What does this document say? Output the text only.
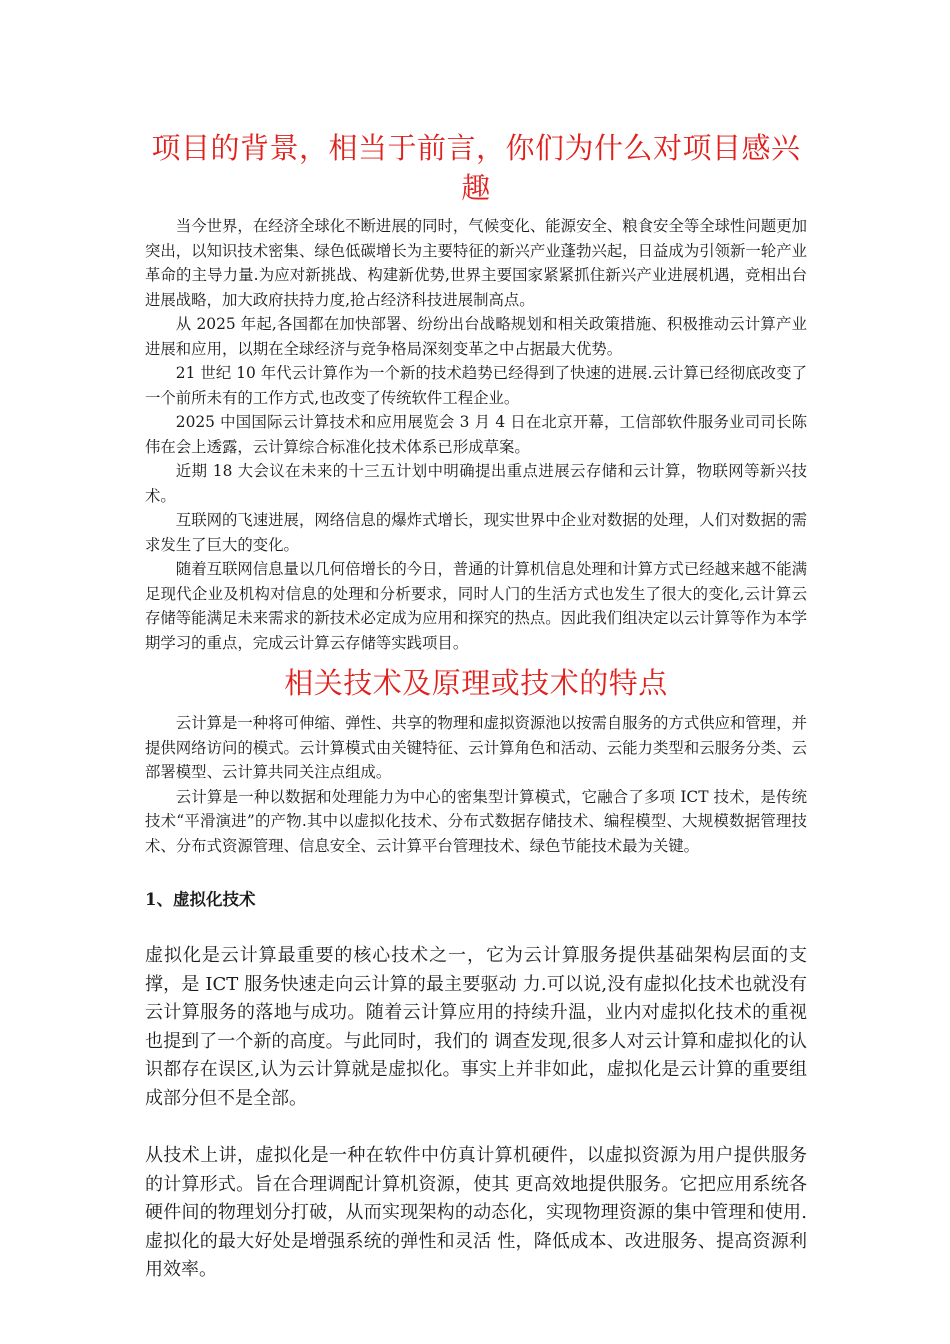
项目的背景，相当于前言，你们为什么对项目感兴趣

当今世界，在经济全球化不断进展的同时，气候变化、能源安全、粮食安全等全球性问题更加突出，以知识技术密集、绿色低碳增长为主要特征的新兴产业蓬勃兴起，日益成为引领新一轮产业革命的主导力量.为应对新挑战、构建新优势,世界主要国家紧紧抓住新兴产业进展机遇，竞相出台进展战略，加大政府扶持力度,抢占经济科技进展制高点。

从 2025 年起,各国都在加快部署、纷纷出台战略规划和相关政策措施、积极推动云计算产业进展和应用，以期在全球经济与竞争格局深刻变革之中占据最大优势。

21 世纪 10 年代云计算作为一个新的技术趋势已经得到了快速的进展.云计算已经彻底改变了一个前所未有的工作方式,也改变了传统软件工程企业。

2025 中国国际云计算技术和应用展览会 3 月 4 日在北京开幕，工信部软件服务业司司长陈伟在会上透露，云计算综合标准化技术体系已形成草案。

近期 18 大会议在未来的十三五计划中明确提出重点进展云存储和云计算，物联网等新兴技术。

互联网的飞速进展，网络信息的爆炸式增长，现实世界中企业对数据的处理，人们对数据的需求发生了巨大的变化。

随着互联网信息量以几何倍增长的今日，普通的计算机信息处理和计算方式已经越来越不能满足现代企业及机构对信息的处理和分析要求，同时人门的生活方式也发生了很大的变化,云计算云存储等能满足未来需求的新技术必定成为应用和探究的热点。因此我们组决定以云计算等作为本学期学习的重点，完成云计算云存储等实践项目。

相关技术及原理或技术的特点

云计算是一种将可伸缩、弹性、共享的物理和虚拟资源池以按需自服务的方式供应和管理，并提供网络访问的模式。云计算模式由关键特征、云计算角色和活动、云能力类型和云服务分类、云部署模型、云计算共同关注点组成。

云计算是一种以数据和处理能力为中心的密集型计算模式，它融合了多项 ICT 技术，是传统技术“平滑演进”的产物.其中以虚拟化技术、分布式数据存储技术、编程模型、大规模数据管理技术、分布式资源管理、信息安全、云计算平台管理技术、绿色节能技术最为关键。

1、虚拟化技术

虚拟化是云计算最重要的核心技术之一，它为云计算服务提供基础架构层面的支撑，是 ICT 服务快速走向云计算的最主要驱动 力.可以说,没有虚拟化技术也就没有云计算服务的落地与成功。随着云计算应用的持续升温，业内对虚拟化技术的重视也提到了一个新的高度。与此同时，我们的 调查发现,很多人对云计算和虚拟化的认识都存在误区,认为云计算就是虚拟化。事实上并非如此，虚拟化是云计算的重要组成部分但不是全部。

从技术上讲，虚拟化是一种在软件中仿真计算机硬件，以虚拟资源为用户提供服务的计算形式。旨在合理调配计算机资源，使其 更高效地提供服务。它把应用系统各硬件间的物理划分打破，从而实现架构的动态化，实现物理资源的集中管理和使用.虚拟化的最大好处是增强系统的弹性和灵活 性，降低成本、改进服务、提高资源利用效率。
